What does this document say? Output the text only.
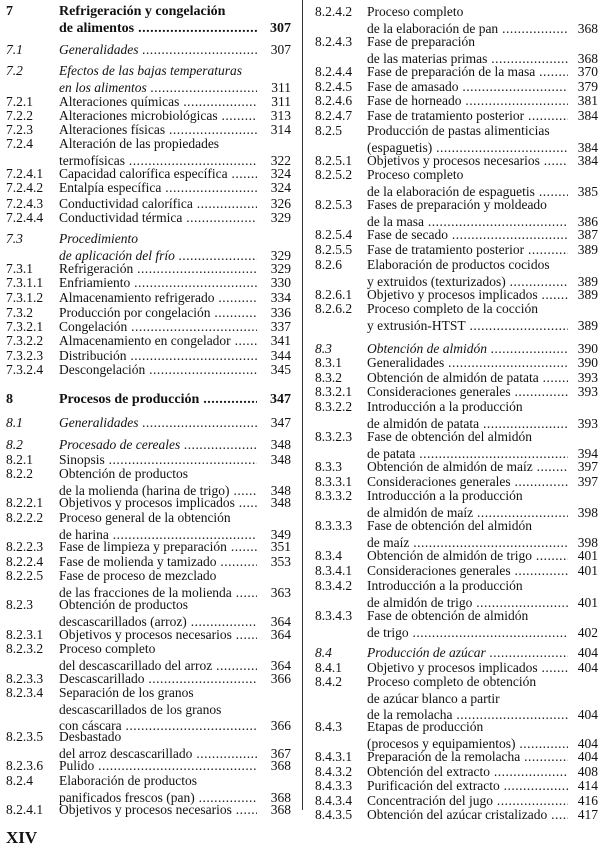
7	Refrigeración y congelación
de alimentos .....	307
7.1	Generalidades .....	307
7.2	Efectos de las bajas temperaturas
en los alimentos .....	311
7.2.1 Alteraciones químicas .....	311
7.2.2 Alteraciones microbiológicas .....	313
7.2.3 Alteraciones físicas .....	314
7.2.4 Alteración de las propiedades
termofísicas .....	322
7.2.4.1 Capacidad calorífica específica .....	324
7.2.4.2 Entalpía específica .....	324
7.2.4.3 Conductividad calorífica .....	326
7.2.4.4 Conductividad térmica .....	329
7.3	Procedimiento
de aplicación del frío .....	329
7.3.1 Refrigeración .....	329
7.3.1.1 Enfriamiento .....	330
7.3.1.2 Almacenamiento refrigerado .....	334
7.3.2 Producción por congelación .....	336
7.3.2.1 Congelación .....	337
7.3.2.2 Almacenamiento en congelador .....	341
7.3.2.3 Distribución .....	344
7.3.2.4 Descongelación .....	345
8	Procesos de producción .....	347
8.1	Generalidades .....	347
8.2	Procesado de cereales .....	348
8.2.1 Sinopsis .....	348
8.2.2 Obtención de productos
de la molienda (harina de trigo) .....	348
8.2.2.1 Objetivos y procesos implicados .....	348
8.2.2.2 Proceso general de la obtención
de harina .....	349
8.2.2.3 Fase de limpieza y preparación .....	351
8.2.2.4 Fase de molienda y tamizado .....	353
8.2.2.5 Fase de proceso de mezclado
de las fracciones de la molienda .....	363
8.2.3 Obtención de productos
descascarillados (arroz) .....	364
8.2.3.1 Objetivos y procesos necesarios .....	364
8.2.3.2 Proceso completo
del descascarillado del arroz .....	364
8.2.3.3 Descascarillado .....	366
8.2.3.4 Separación de los granos
descascarillados de los granos
con cáscara .....	366
8.2.3.5 Desbastado
del arroz descascarillado .....	367
8.2.3.6 Pulido .....	368
8.2.4 Elaboración de productos
panificados frescos (pan) .....	368
8.2.4.1 Objetivos y procesos necesarios .....	368
8.2.4.2 Proceso completo
de la elaboración de pan .....	368
8.2.4.3 Fase de preparación
de las materias primas .....	368
8.2.4.4 Fase de preparación de la masa .....	370
8.2.4.5 Fase de amasado .....	379
8.2.4.6 Fase de horneado .....	381
8.2.4.7 Fase de tratamiento posterior .....	384
8.2.5 Producción de pastas alimenticias
(espaguetis) .....	384
8.2.5.1 Objetivos y procesos necesarios .....	384
8.2.5.2 Proceso completo
de la elaboración de espaguetis .....	385
8.2.5.3 Fases de preparación y moldeado
de la masa .....	386
8.2.5.4 Fase de secado .....	387
8.2.5.5 Fase de tratamiento posterior .....	389
8.2.6 Elaboración de productos cocidos
y extruidos (texturizados) .....	389
8.2.6.1 Objetivo y procesos implicados .....	389
8.2.6.2 Proceso completo de la cocción
y extrusión-HTST .....	389
8.3	Obtención de almidón .....	390
8.3.1 Generalidades .....	390
8.3.2 Obtención de almidón de patata .....	393
8.3.2.1 Consideraciones generales .....	393
8.3.2.2 Introducción a la producción
de almidón de patata .....	393
8.3.2.3 Fase de obtención del almidón
de patata .....	394
8.3.3 Obtención de almidón de maíz .....	397
8.3.3.1 Consideraciones generales .....	397
8.3.3.2 Introducción a la producción
de almidón de maíz .....	398
8.3.3.3 Fase de obtención del almidón
de maíz .....	398
8.3.4 Obtención de almidón de trigo .....	401
8.3.4.1 Consideraciones generales .....	401
8.3.4.2 Introducción a la producción
de almidón de trigo .....	401
8.3.4.3 Fase de obtención de almidón
de trigo .....	402
8.4	Producción de azúcar .....	404
8.4.1 Objetivo y procesos implicados .....	404
8.4.2 Proceso completo de obtención
de azúcar blanco a partir
de la remolacha .....	404
8.4.3 Etapas de producción
(procesos y equipamientos) .....	404
8.4.3.1 Preparación de la remolacha .....	404
8.4.3.2 Obtención del extracto .....	408
8.4.3.3 Purificación del extracto .....	414
8.4.3.4 Concentración del jugo .....	416
8.4.3.5 Obtención del azúcar cristalizado .....	417
XIV
